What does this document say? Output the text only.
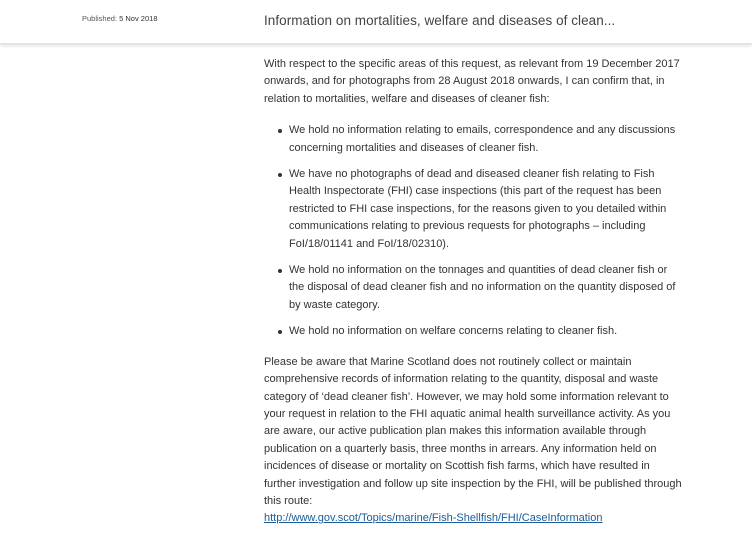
Published: 5 Nov 2018	Information on mortalities, welfare and diseases of clean...

With respect to the specific areas of this request, as relevant from 19 December 2017 onwards, and for photographs from 28 August 2018 onwards, I can confirm that, in relation to mortalities, welfare and diseases of cleaner fish:

We hold no information relating to emails, correspondence and any discussions concerning mortalities and diseases of cleaner fish.
We have no photographs of dead and diseased cleaner fish relating to Fish Health Inspectorate (FHI) case inspections (this part of the request has been restricted to FHI case inspections, for the reasons given to you detailed within communications relating to previous requests for photographs – including FoI/18/01141 and FoI/18/02310).
We hold no information on the tonnages and quantities of dead cleaner fish or the disposal of dead cleaner fish and no information on the quantity disposed of by waste category.
We hold no information on welfare concerns relating to cleaner fish.

Please be aware that Marine Scotland does not routinely collect or maintain comprehensive records of information relating to the quantity, disposal and waste category of ‘dead cleaner fish’. However, we may hold some information relevant to your request in relation to the FHI aquatic animal health surveillance activity. As you are aware, our active publication plan makes this information available through publication on a quarterly basis, three months in arrears. Any information held on incidences of disease or mortality on Scottish fish farms, which have resulted in further investigation and follow up site inspection by the FHI, will be published through this route:
http://www.gov.scot/Topics/marine/Fish-Shellfish/FHI/CaseInformation
